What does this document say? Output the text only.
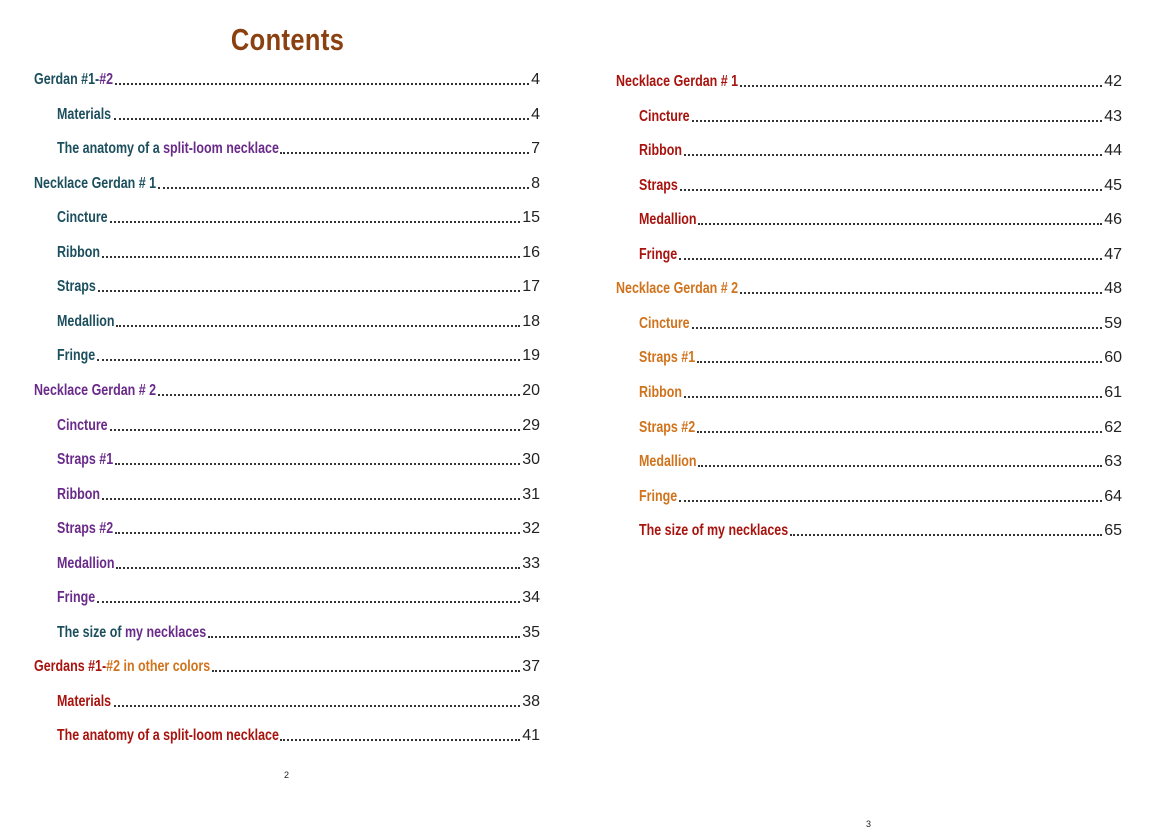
Contents
Gerdan #1-#2	4
Materials	4
The anatomy of a split-loom necklace	7
Necklace Gerdan # 1	8
Cincture	15
Ribbon	16
Straps	17
Medallion	18
Fringe	19
Necklace Gerdan # 2	20
Cincture	29
Straps #1	30
Ribbon	31
Straps #2	32
Medallion	33
Fringe	34
The size of my necklaces	35
Gerdans #1-#2 in other colors	37
Materials	38
The anatomy of a split-loom necklace	41
2
Necklace Gerdan # 1	42
Cincture	43
Ribbon	44
Straps	45
Medallion	46
Fringe	47
Necklace Gerdan # 2	48
Cincture	59
Straps #1	60
Ribbon	61
Straps #2	62
Medallion	63
Fringe	64
The size of my necklaces	65
3
